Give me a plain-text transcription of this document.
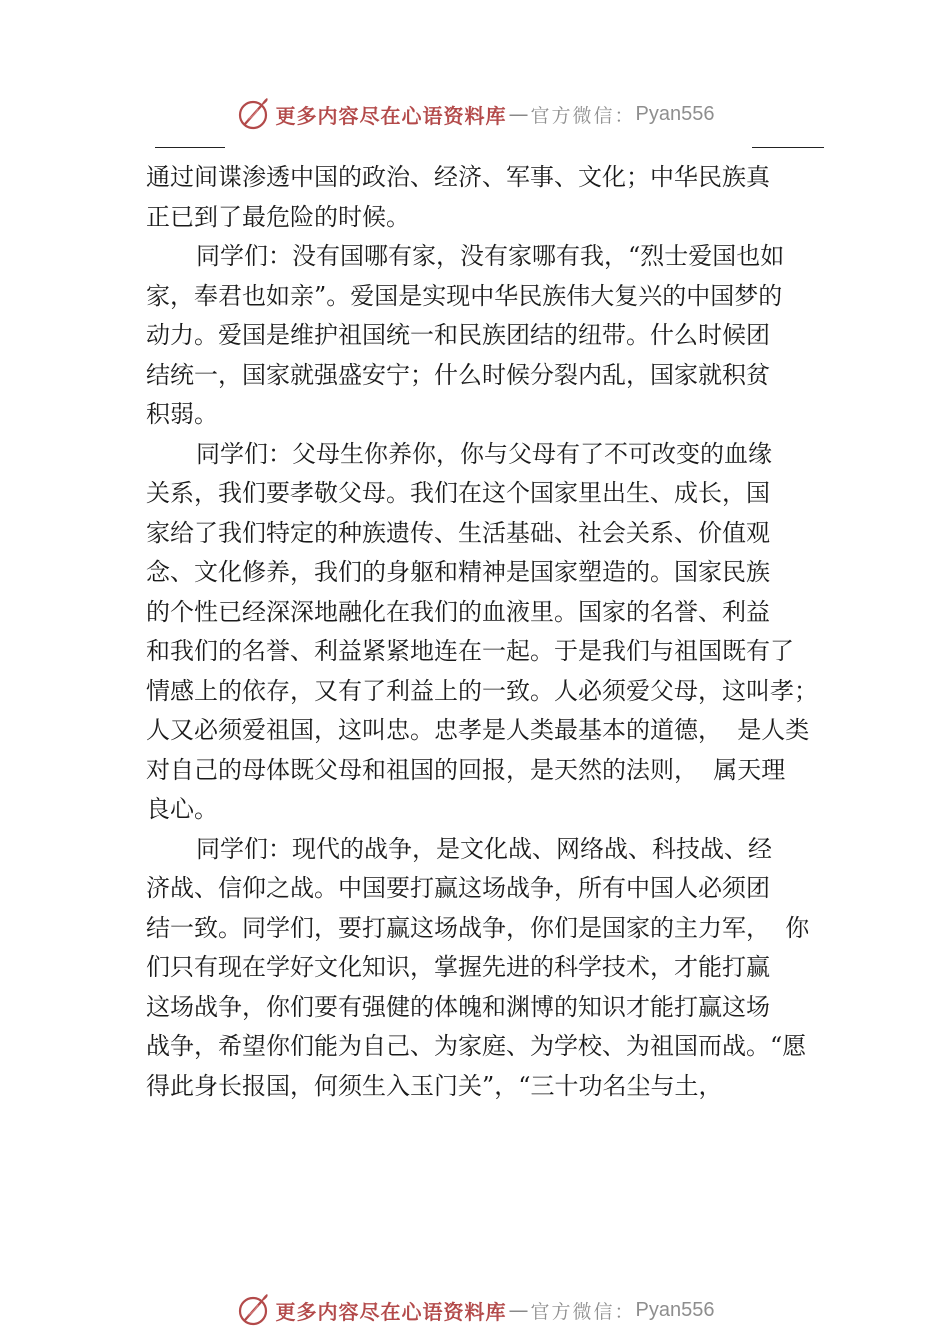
更多内容尽在心语资料库 — 官方微信： Pyan556
通过间谍渗透中国的政治、经济、军事、文化；中华民族真
正已到了最危险的时候。
同学们：没有国哪有家，没有家哪有我，“烈士爱国也如
家，奉君也如亲”。爱国是实现中华民族伟大复兴的中国梦的
动力。爱国是维护祖国统一和民族团结的纽带。什么时候团
结统一，国家就强盛安宁；什么时候分裂内乱，国家就积贫
积弱。
同学们：父母生你养你，你与父母有了不可改变的血缘
关系，我们要孝敬父母。我们在这个国家里出生、成长，国
家给了我们特定的种族遗传、生活基础、社会关系、价值观
念、文化修养，我们的身躯和精神是国家塑造的。国家民族
的个性已经深深地融化在我们的血液里。国家的名誉、利益
和我们的名誉、利益紧紧地连在一起。于是我们与祖国既有了
情感上的依存，又有了利益上的一致。人必须爱父母，这叫孝；
人又必须爱祖国，这叫忠。忠孝是人类最基本的道德，  是人类
对自己的母体既父母和祖国的回报，是天然的法则，  属天理
良心。
同学们：现代的战争，是文化战、网络战、科技战、经
济战、信仰之战。中国要打赢这场战争，所有中国人必须团
结一致。同学们，要打赢这场战争，你们是国家的主力军，  你
们只有现在学好文化知识，掌握先进的科学技术，才能打赢
这场战争，你们要有强健的体魄和渊博的知识才能打赢这场
战争，希望你们能为自己、为家庭、为学校、为祖国而战。“愿
得此身长报国，何须生入玉门关”，“三十功名尘与土，
更多内容尽在心语资料库 — 官方微信： Pyan556
